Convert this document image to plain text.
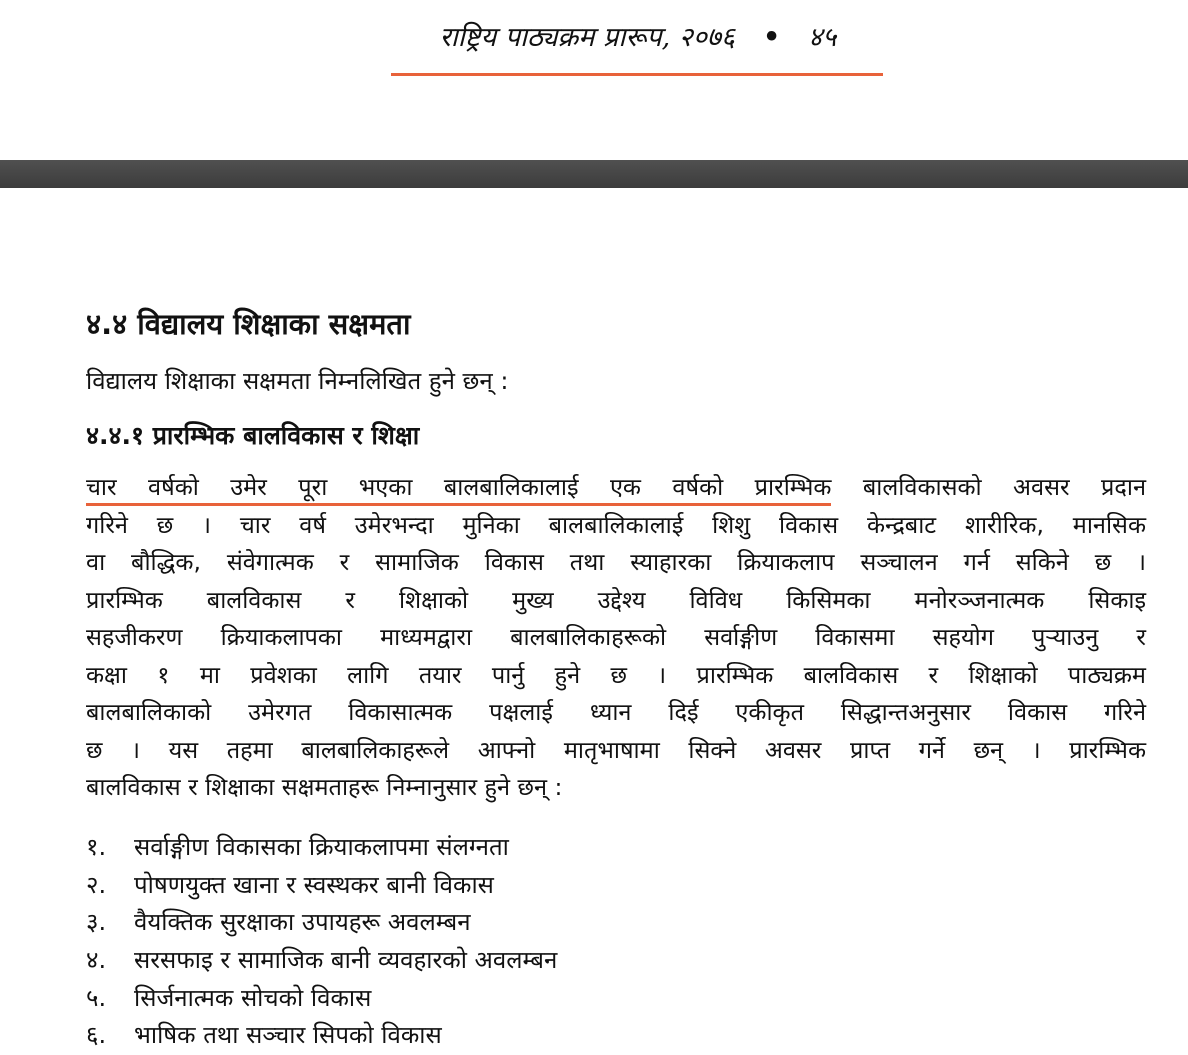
राष्ट्रिय पाठ्यक्रम प्रारूप, २०७६ • ४५
४.४ विद्यालय शिक्षाका सक्षमता
विद्यालय शिक्षाका सक्षमता निम्नलिखित हुने छन् :
४.४.१ प्रारम्भिक बालविकास र शिक्षा
चार वर्षको उमेर पूरा भएका बालबालिकालाई एक वर्षको प्रारम्भिक बालविकासको अवसर प्रदान
गरिने छ । चार वर्ष उमेरभन्दा मुनिका बालबालिकालाई शिशु विकास केन्द्रबाट शारीरिक, मानसिक
वा बौद्धिक, संवेगात्मक र सामाजिक विकास तथा स्याहारका क्रियाकलाप सञ्चालन गर्न सकिने छ ।
प्रारम्भिक बालविकास र शिक्षाको मुख्य उद्देश्य विविध किसिमका मनोरञ्जनात्मक सिकाइ
सहजीकरण क्रियाकलापका माध्यमद्वारा बालबालिकाहरूको सर्वाङ्गीण विकासमा सहयोग पुऱ्याउनु र
कक्षा १ मा प्रवेशका लागि तयार पार्नु हुने छ । प्रारम्भिक बालविकास र शिक्षाको पाठ्यक्रम
बालबालिकाको उमेरगत विकासात्मक पक्षलाई ध्यान दिई एकीकृत सिद्धान्तअनुसार विकास गरिने
छ । यस तहमा बालबालिकाहरूले आफ्नो मातृभाषामा सिक्ने अवसर प्राप्त गर्ने छन् । प्रारम्भिक
बालविकास र शिक्षाका सक्षमताहरू निम्नानुसार हुने छन् :
१.	सर्वाङ्गीण विकासका क्रियाकलापमा संलग्नता
२.	पोषणयुक्त खाना र स्वस्थकर बानी विकास
३.	वैयक्तिक सुरक्षाका उपायहरू अवलम्बन
४.	सरसफाइ र सामाजिक बानी व्यवहारको अवलम्बन
५.	सिर्जनात्मक सोचको विकास
६.	भाषिक तथा सञ्चार सिपको विकास
